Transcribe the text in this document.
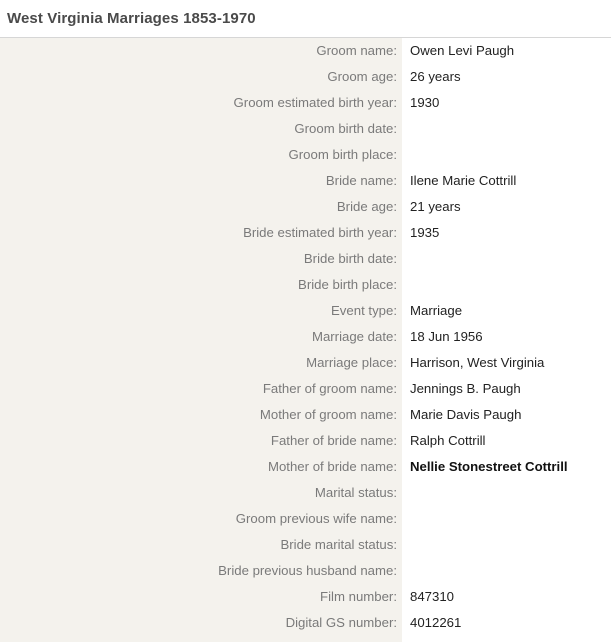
West Virginia Marriages 1853-1970
Groom name: Owen Levi Paugh
Groom age: 26 years
Groom estimated birth year: 1930
Groom birth date:
Groom birth place:
Bride name: Ilene Marie Cottrill
Bride age: 21 years
Bride estimated birth year: 1935
Bride birth date:
Bride birth place:
Event type: Marriage
Marriage date: 18 Jun 1956
Marriage place: Harrison, West Virginia
Father of groom name: Jennings B. Paugh
Mother of groom name: Marie Davis Paugh
Father of bride name: Ralph Cottrill
Mother of bride name: Nellie Stonestreet Cottrill
Marital status:
Groom previous wife name:
Bride marital status:
Bride previous husband name:
Film number: 847310
Digital GS number: 4012261
